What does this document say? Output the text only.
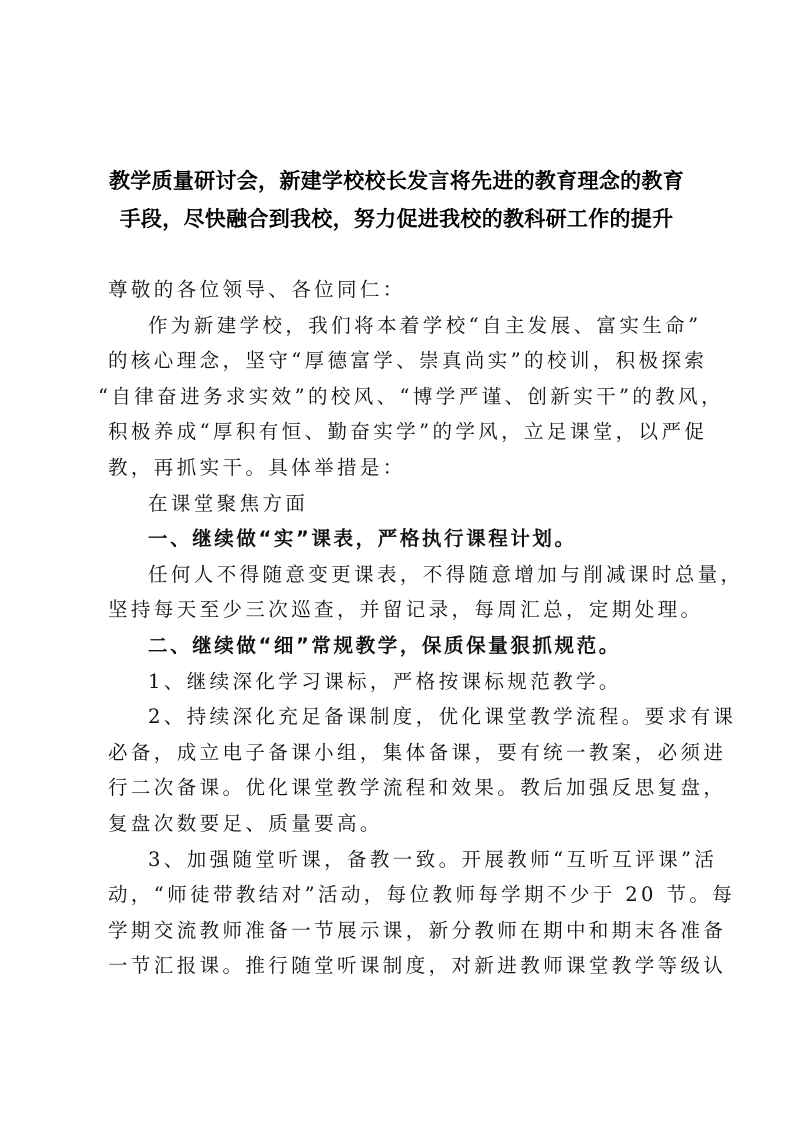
教学质量研讨会，新建学校校长发言将先进的教育理念的教育
手段，尽快融合到我校，努力促进我校的教科研工作的提升
尊敬的各位领导、各位同仁：
作为新建学校，我们将本着学校“自主发展、富实生命”
的核心理念，坚守“厚德富学、崇真尚实”的校训，积极探索
“自律奋进务求实效”的校风、“博学严谨、创新实干”的教风，
积极养成“厚积有恒、勤奋实学”的学风，立足课堂，以严促
教，再抓实干。具体举措是：
在课堂聚焦方面
一、继续做“实”课表，严格执行课程计划。
任何人不得随意变更课表，不得随意增加与削减课时总量，
坚持每天至少三次巡查，并留记录，每周汇总，定期处理。
二、继续做“细”常规教学，保质保量狠抓规范。
1、继续深化学习课标，严格按课标规范教学。
2、持续深化充足备课制度，优化课堂教学流程。要求有课
必备，成立电子备课小组，集体备课，要有统一教案，必须进
行二次备课。优化课堂教学流程和效果。教后加强反思复盘，
复盘次数要足、质量要高。
3、加强随堂听课，备教一致。开展教师“互听互评课”活
动，“师徒带教结对”活动，每位教师每学期不少于 20 节。每
学期交流教师准备一节展示课，新分教师在期中和期末各准备
一节汇报课。推行随堂听课制度，对新进教师课堂教学等级认
